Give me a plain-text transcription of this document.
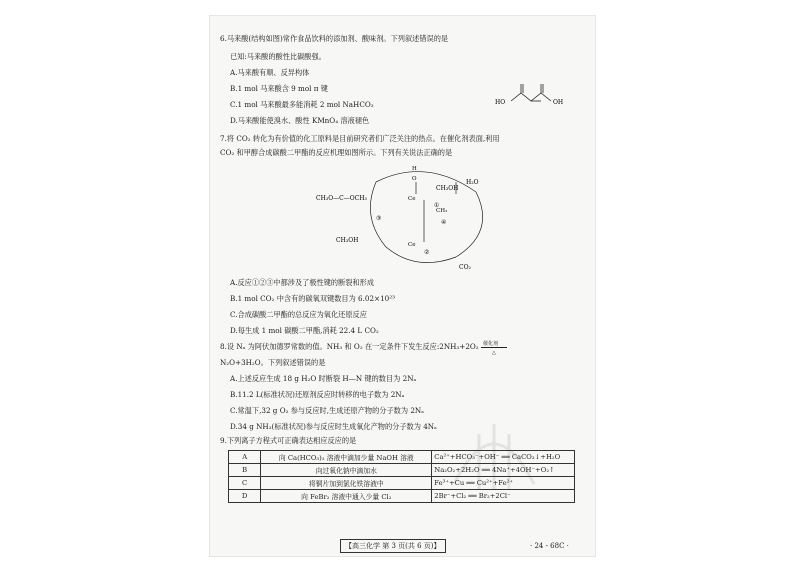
6.马来酸(结构如图)常作食品饮料的添加剂、酸味剂。下列叙述错误的是
已知:马来酸的酸性比碳酸强。
A.马来酸有顺、反异构体
B.1 mol 马来酸含 9 mol π 键
C.1 mol 马来酸最多能消耗 2 mol NaHCO₃
D.马来酸能使溴水、酸性 KMnO₄ 溶液褪色
HO	OH
7.将 CO₂ 转化为有价值的化工原料是目前研究者们广泛关注的热点。在催化剂表面,利用
CO₂ 和甲醇合成碳酸二甲酯的反应机理如图所示。下列有关说法正确的是
CH₃O—C—OCH₃
CH₃OH
CH₃OH
H₂O
CO₂
①
②
③
④
H
O
Ce
Ce
CH₃
A.反应①②③中都涉及了极性键的断裂和形成
B.1 mol CO₂ 中含有的碳氧双键数目为 6.02×10²³
C.合成碳酸二甲酯的总反应为氧化还原反应
D.每生成 1 mol 碳酸二甲酯,消耗 22.4 L CO₂
8.设 Nₐ 为阿伏加德罗常数的值。NH₃ 和 O₂ 在一定条件下发生反应:2NH₃+2O₂ 催化剂
△
N₂O+3H₂O。下列叙述错误的是
A.上述反应生成 18 g H₂O 时断裂 H—N 键的数目为 2Nₐ
B.11.2 L(标准状况)还原剂反应时转移的电子数为 2Nₐ
C.常温下,32 g O₂ 参与反应时,生成还原产物的分子数为 2Nₐ
D.34 g NH₃(标准状况)参与反应时生成氧化产物的分子数为 4Nₐ
9.下列离子方程式可正确表达相应反应的是
A	向 Ca(HCO₃)₂ 溶液中滴加少量 NaOH 溶液	Ca²⁺+HCO₃⁻+OH⁻ ══ CaCO₃↓+H₂O
B	向过氧化钠中滴加水	Na₂O₂+2H₂O ══ 4Na⁺+4OH⁻+O₂↑
C	将铜片加到氯化铁溶液中	Fe³⁺+Cu ══ Cu²⁺+Fe²⁺
D	向 FeBr₂ 溶液中通入少量 Cl₂	2Br⁻+Cl₂ ══ Br₂+2Cl⁻
【高三化学 第 3 页(共 6 页)】	· 24 - 68C ·
